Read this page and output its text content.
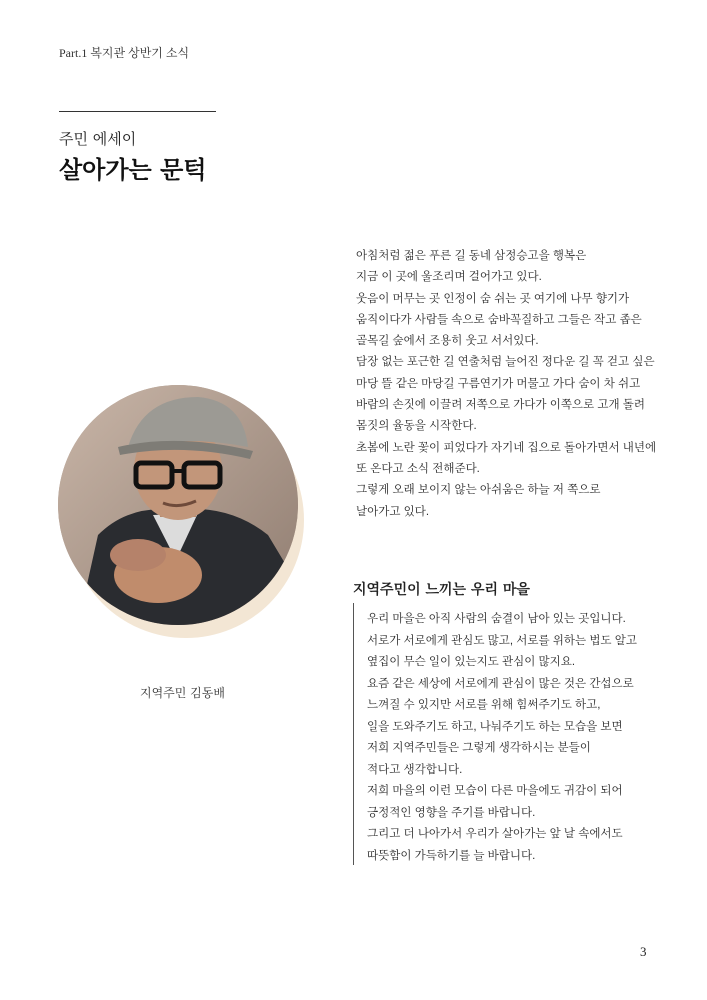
Part.1 복지관 상반기 소식
주민 에세이
살아가는 문턱
아침처럼 젊은 푸른 길 동네 삼정승고을 행복은
지금 이 곳에 울조리며 걸어가고 있다.
웃음이 머무는 곳 인정이 숨 쉬는 곳 여기에 나무 향기가
움직이다가 사람들 속으로 숨바꼭질하고 그들은 작고 좁은
골목길 숲에서 조용히 웃고 서서있다.
담장 없는 포근한 길 연출처럼 늘어진 정다운 길 꼭 걷고 싶은
마당 뜰 같은 마당길 구름연기가 머물고 가다 숨이 차 쉬고
바람의 손짓에 이끌려 저쪽으로 가다가 이쪽으로 고개 돌려
몸짓의 율동을 시작한다.
초봄에 노란 꽃이 피었다가 자기네 집으로 돌아가면서 내년에
또 온다고 소식 전해준다.
그렇게 오래 보이지 않는 아쉬움은 하늘 저 쪽으로
날아가고 있다.
지역주민 김동배
지역주민이 느끼는 우리 마을
우리 마을은 아직 사람의 숨결이 남아 있는 곳입니다.
서로가 서로에게 관심도 많고, 서로를 위하는 법도 알고
옆집이 무슨 일이 있는지도 관심이 많지요.
요즘 같은 세상에 서로에게 관심이 많은 것은 간섭으로
느껴질 수 있지만 서로를 위해 힘써주기도 하고,
일을 도와주기도 하고, 나눠주기도 하는 모습을 보면
저희 지역주민들은 그렇게 생각하시는 분들이
적다고 생각합니다.
저희 마을의 이런 모습이 다른 마을에도 귀감이 되어
긍정적인 영향을 주기를 바랍니다.
그리고 더 나아가서 우리가 살아가는 앞 날 속에서도
따뜻함이 가득하기를 늘 바랍니다.
3
